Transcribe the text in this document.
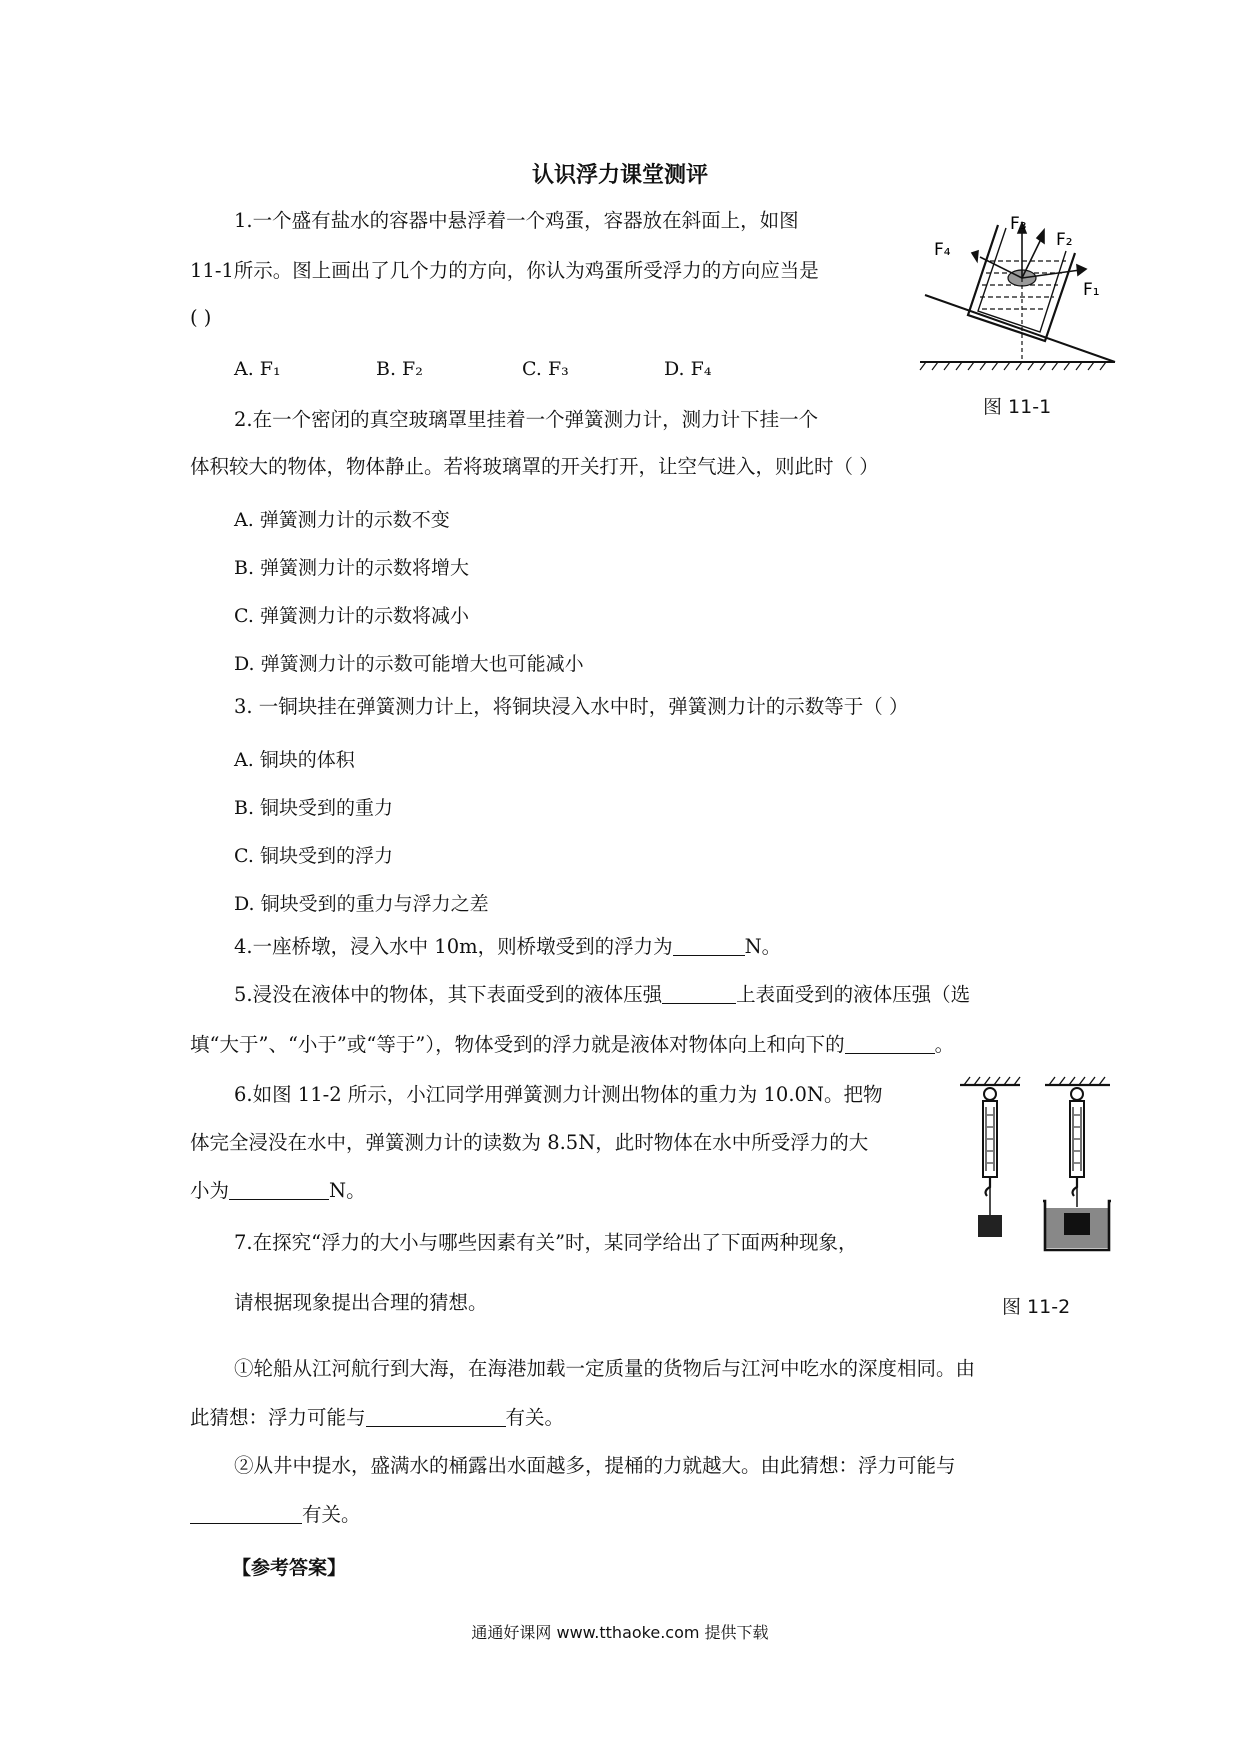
认识浮力课堂测评
1.一个盛有盐水的容器中悬浮着一个鸡蛋，容器放在斜面上，如图
11-1所示。图上画出了几个力的方向，你认为鸡蛋所受浮力的方向应当是
( )
A. F₁	B. F₂	C. F₃	D. F₄
F₃
F₂
F₄
F₁
图 11-1
2.在一个密闭的真空玻璃罩里挂着一个弹簧测力计，测力计下挂一个
体积较大的物体，物体静止。若将玻璃罩的开关打开，让空气进入，则此时（ ）
A. 弹簧测力计的示数不变
B. 弹簧测力计的示数将增大
C. 弹簧测力计的示数将减小
D. 弹簧测力计的示数可能增大也可能减小
3. 一铜块挂在弹簧测力计上，将铜块浸入水中时，弹簧测力计的示数等于（ ）
A. 铜块的体积
B. 铜块受到的重力
C. 铜块受到的浮力
D. 铜块受到的重力与浮力之差
4.一座桥墩，浸入水中 10m，则桥墩受到的浮力为	N。
5.浸没在液体中的物体，其下表面受到的液体压强	上表面受到的液体压强（选
填“大于”、“小于”或“等于”），物体受到的浮力就是液体对物体向上和向下的	。
6.如图 11-2 所示，小江同学用弹簧测力计测出物体的重力为 10.0N。把物
体完全浸没在水中，弹簧测力计的读数为 8.5N，此时物体在水中所受浮力的大
小为	N。
图 11-2
7.在探究“浮力的大小与哪些因素有关”时，某同学给出了下面两种现象，
请根据现象提出合理的猜想。
①轮船从江河航行到大海，在海港加载一定质量的货物后与江河中吃水的深度相同。由
此猜想：浮力可能与	有关。
②从井中提水，盛满水的桶露出水面越多，提桶的力就越大。由此猜想：浮力可能与
有关。
【参考答案】
通通好课网 www.tthaoke.com 提供下载
